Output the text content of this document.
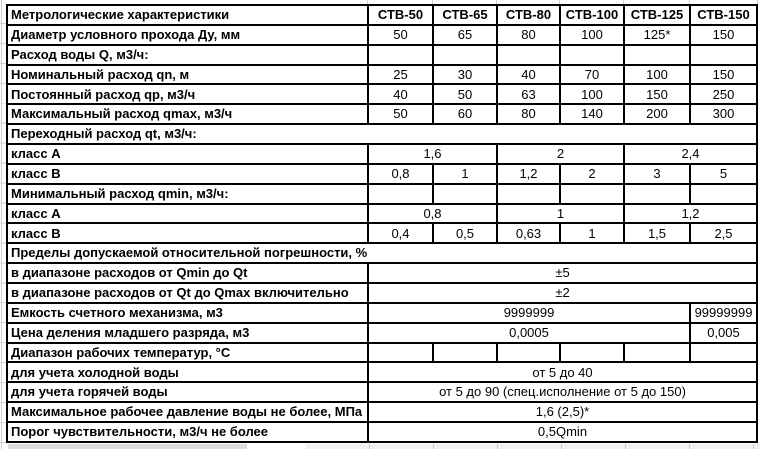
Метрологические характеристики	СТВ-50	СТВ-65	СТВ-80	СТВ-100	СТВ-125	СТВ-150
Диаметр условного прохода Ду, мм	50	65	80	100	125*	150
Расход воды Q, м3/ч:						
Номинальный расход qn, м	25	30	40	70	100	150
Постоянный расход qp, м3/ч	40	50	63	100	150	250
Максимальный расход qmax, м3/ч	50	60	80	140	200	300
Переходный расход qt, м3/ч:						
класс А	1,6		2		2,4	
класс В	0,8	1	1,2	2	3	5
Минимальный расход qmin, м3/ч:						
класс А	0,8		1		1,2	
класс В	0,4	0,5	0,63	1	1,5	2,5
Пределы допускаемой относительной погрешности, %						
в диапазоне расходов от Qmin до Qt	±5					
в диапазоне расходов от Qt до Qmax включительно	±2					
Емкость счетного механизма, м3	9999999					99999999
Цена деления младшего разряда, м3	0,0005					0,005
Диапазон рабочих температур, °С						
для учета холодной воды	от 5 до 40					
для учета горячей воды	от 5 до 90 (спец.исполнение от 5 до 150)					
Максимальное рабочее давление воды не более, МПа	1,6 (2,5)*					
Порог чувствительности, м3/ч не более	0,5Qmin					
